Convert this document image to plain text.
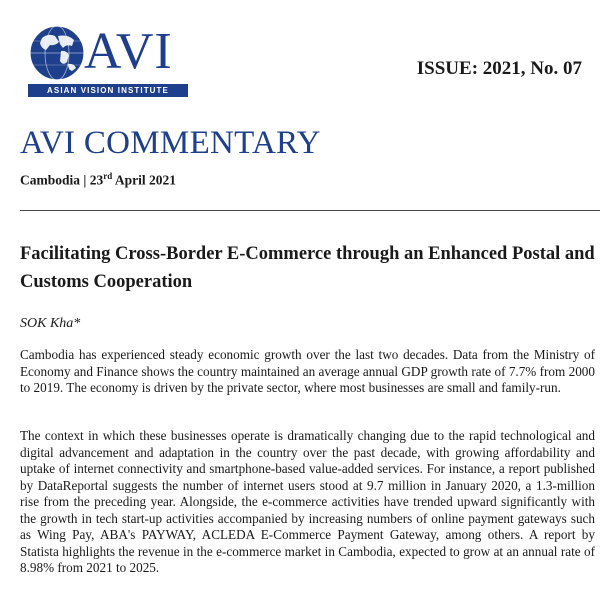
AVI
ASIAN VISION INSTITUTE
ISSUE: 2021, No. 07
AVI COMMENTARY
Cambodia | 23rd April 2021
Facilitating Cross-Border E-Commerce through an Enhanced Postal and Customs Cooperation
SOK Kha*
Cambodia has experienced steady economic growth over the last two decades. Data from the Ministry of Economy and Finance shows the country maintained an average annual GDP growth rate of 7.7% from 2000 to 2019. The economy is driven by the private sector, where most businesses are small and family-run.
The context in which these businesses operate is dramatically changing due to the rapid technological and digital advancement and adaptation in the country over the past decade, with growing affordability and uptake of internet connectivity and smartphone-based value-added services. For instance, a report published by DataReportal suggests the number of internet users stood at 9.7 million in January 2020, a 1.3-million rise from the preceding year. Alongside, the e-commerce activities have trended upward significantly with the growth in tech start-up activities accompanied by increasing numbers of online payment gateways such as Wing Pay, ABA's PAYWAY, ACLEDA E-Commerce Payment Gateway, among others. A report by Statista highlights the revenue in the e-commerce market in Cambodia, expected to grow at an annual rate of 8.98% from 2021 to 2025.
